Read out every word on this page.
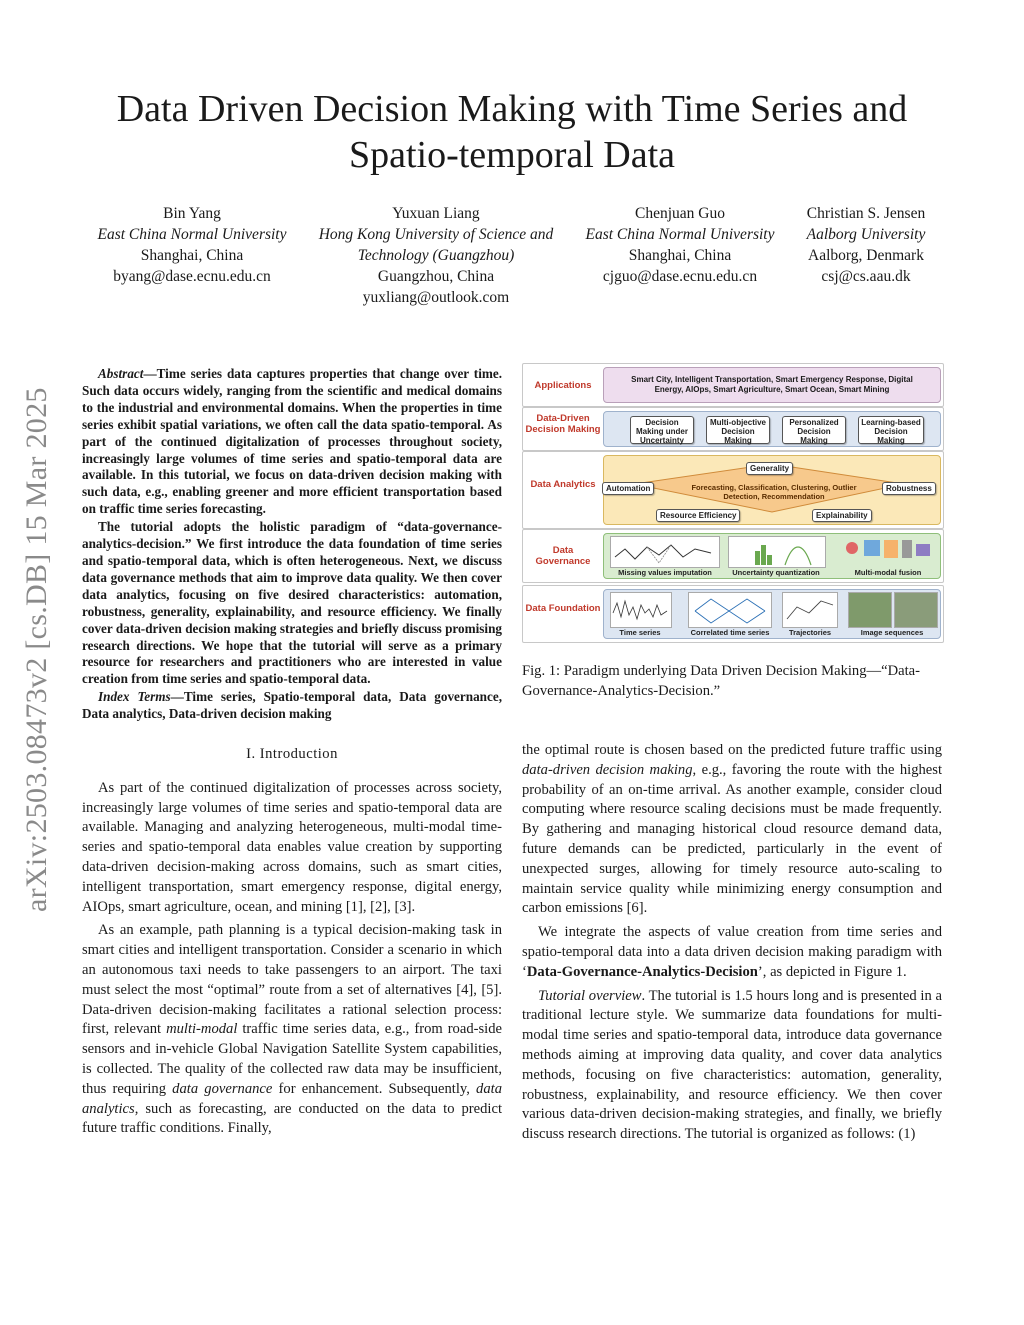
arXiv:2503.08473v2 [cs.DB] 15 Mar 2025
Data Driven Decision Making with Time Series and Spatio-temporal Data
Bin Yang
East China Normal University
Shanghai, China
byang@dase.ecnu.edu.cn
Yuxuan Liang
Hong Kong University of Science and Technology (Guangzhou)
Guangzhou, China
yuxliang@outlook.com
Chenjuan Guo
East China Normal University
Shanghai, China
cjguo@dase.ecnu.edu.cn
Christian S. Jensen
Aalborg University
Aalborg, Denmark
csj@cs.aau.dk

Abstract—Time series data captures properties that change over time. Such data occurs widely, ranging from the scientific and medical domains to the industrial and environmental domains. When the properties in time series exhibit spatial variations, we often call the data spatio-temporal. As part of the continued digitalization of processes throughout society, increasingly large volumes of time series and spatio-temporal data are available. In this tutorial, we focus on data-driven decision making with such data, e.g., enabling greener and more efficient transportation based on traffic time series forecasting.

The tutorial adopts the holistic paradigm of “data-governance-analytics-decision.” We first introduce the data foundation of time series and spatio-temporal data, which is often heterogeneous. Next, we discuss data governance methods that aim to improve data quality. We then cover data analytics, focusing on five desired characteristics: automation, robustness, generality, explainability, and resource efficiency. We finally cover data-driven decision making strategies and briefly discuss promising research directions. We hope that the tutorial will serve as a primary resource for researchers and practitioners who are interested in value creation from time series and spatio-temporal data.

Index Terms—Time series, Spatio-temporal data, Data governance, Data analytics, Data-driven decision making

I. Introduction

As part of the continued digitalization of processes across society, increasingly large volumes of time series and spatio-temporal data are available. Managing and analyzing heterogeneous, multi-modal time-series and spatio-temporal data enables value creation by supporting data-driven decision-making across domains, such as smart cities, intelligent transportation, smart emergency response, digital energy, AIOps, smart agriculture, ocean, and mining [1], [2], [3].

As an example, path planning is a typical decision-making task in smart cities and intelligent transportation. Consider a scenario in which an autonomous taxi needs to take passengers to an airport. The taxi must select the most “optimal” route from a set of alternatives [4], [5]. Data-driven decision-making facilitates a rational selection process: first, relevant multi-modal traffic time series data, e.g., from road-side sensors and in-vehicle Global Navigation Satellite System capabilities, is collected. The quality of the collected raw data may be insufficient, thus requiring data governance for enhancement. Subsequently, data analytics, such as forecasting, are conducted on the data to predict future traffic conditions. Finally,

Applications
Smart City, Intelligent Transportation, Smart Emergency Response, Digital Energy, AIOps, Smart Agriculture, Smart Ocean, Smart Mining
Data-Driven Decision Making
Decision Making under Uncertainty
Multi-objective Decision Making
Personalized Decision Making
Learning-based Decision Making
Data Analytics
Generality
Automation	Forecasting, Classification, Clustering, Outlier Detection, Recommendation
Robustness
Resource Efficiency	Explainability
Data Governance
Missing values imputation	Uncertainty quantization	Multi-modal fusion
Data Foundation
Time series	Correlated time series	Trajectories	Image sequences
Fig. 1: Paradigm underlying Data Driven Decision Making—“Data-Governance-Analytics-Decision.”

the optimal route is chosen based on the predicted future traffic using data-driven decision making, e.g., favoring the route with the highest probability of an on-time arrival. As another example, consider cloud computing where resource scaling decisions must be made frequently. By gathering and managing historical cloud resource demand data, future demands can be predicted, particularly in the event of unexpected surges, allowing for timely resource auto-scaling to maintain service quality while minimizing energy consumption and carbon emissions [6].

We integrate the aspects of value creation from time series and spatio-temporal data into a data driven decision making paradigm with ‘Data-Governance-Analytics-Decision’, as depicted in Figure 1.

Tutorial overview. The tutorial is 1.5 hours long and is presented in a traditional lecture style. We summarize data foundations for multi-modal time series and spatio-temporal data, introduce data governance methods aiming at improving data quality, and cover data analytics methods, focusing on five characteristics: automation, generality, robustness, explainability, and resource efficiency. We then cover various data-driven decision-making strategies, and finally, we briefly discuss research directions. The tutorial is organized as follows: (1)
